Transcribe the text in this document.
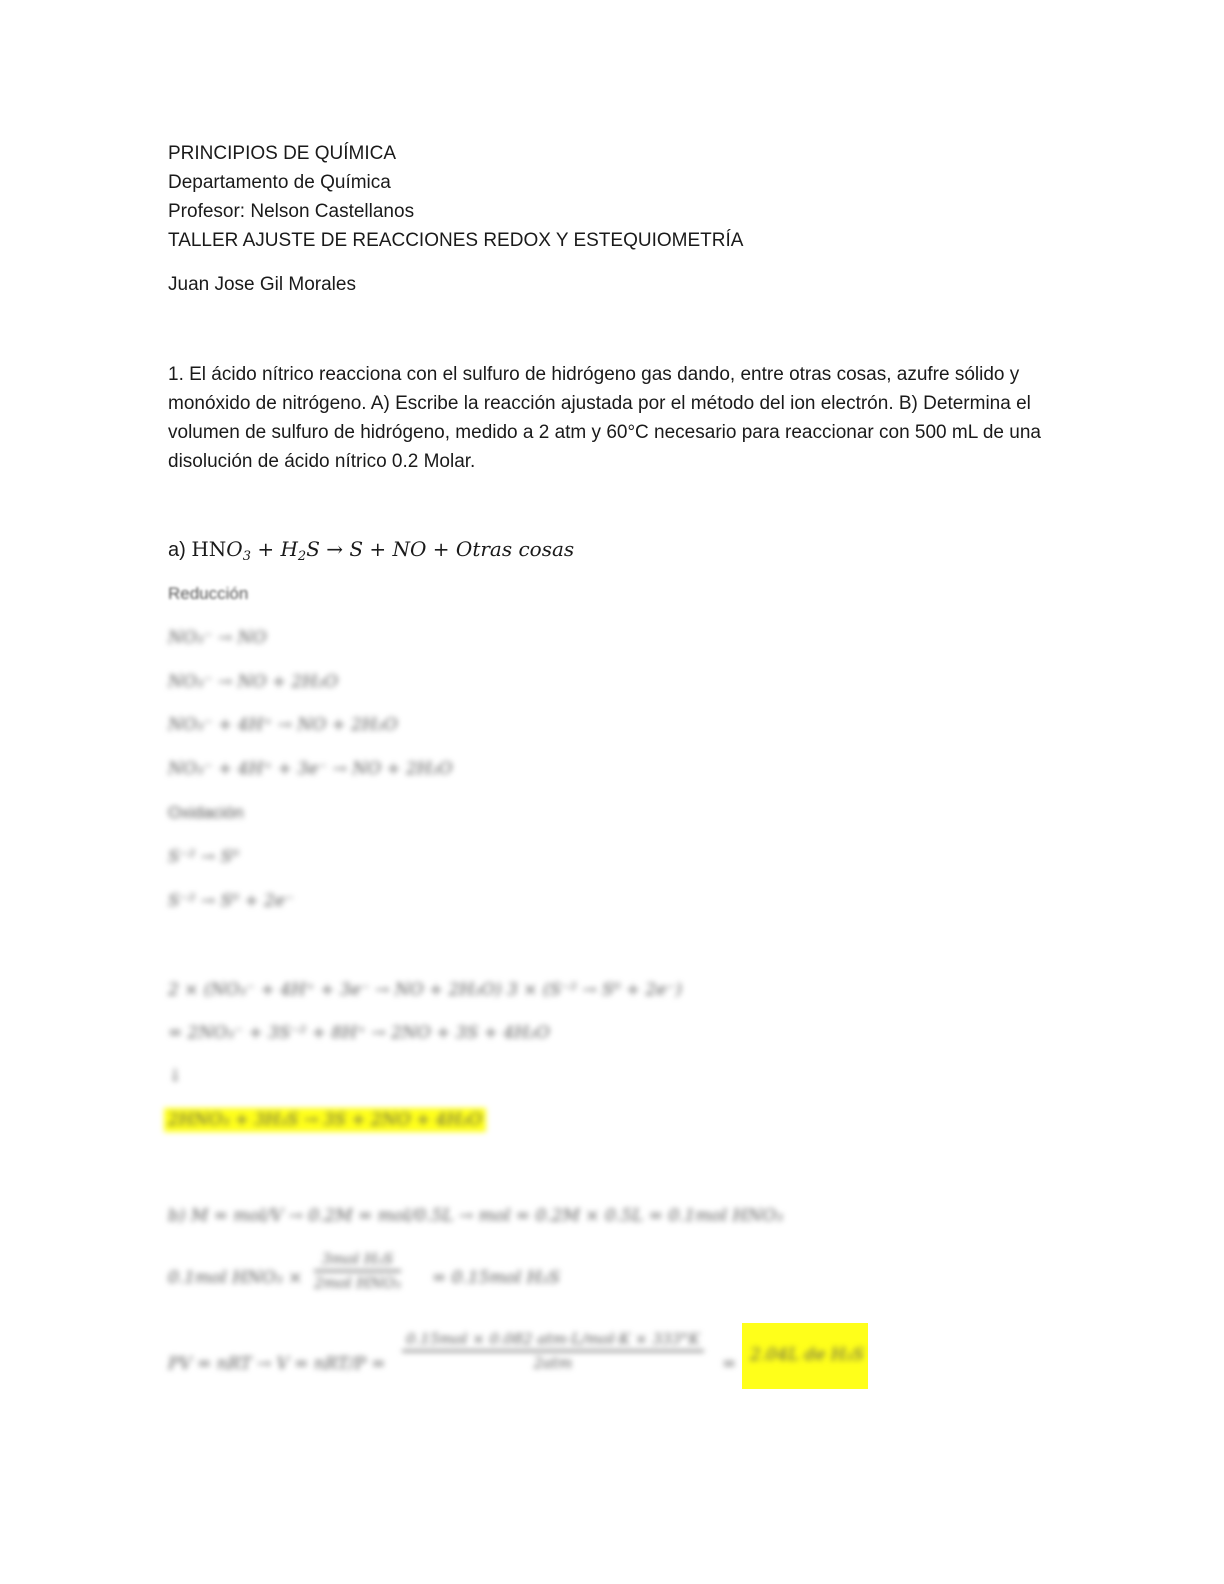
PRINCIPIOS DE QUÍMICA
Departamento de Química
Profesor: Nelson Castellanos
TALLER AJUSTE DE REACCIONES REDOX Y ESTEQUIOMETRÍA
Juan Jose Gil Morales

1. El ácido nítrico reacciona con el sulfuro de hidrógeno gas dando, entre otras cosas, azufre sólido y monóxido de nitrógeno. A) Escribe la reacción ajustada por el método del ion electrón. B) Determina el volumen de sulfuro de hidrógeno, medido a 2 atm y 60°C necesario para reaccionar con 500 mL de una disolución de ácido nítrico 0.2 Molar.

a) $HNO_3 + H_2S \to S$ + NO + Otras cosas
Reducción
NO₃⁻ → NO
NO₃⁻ → NO + 2H₂O
NO₃⁻ + 4H⁺ → NO + 2H₂O
NO₃⁻ + 4H⁺ + 3e⁻ → NO + 2H₂O
Oxidación
S⁻² → S⁰
S⁻² → S⁰ + 2e⁻
2 × (NO₃⁻ + 4H⁺ + 3e⁻ → NO + 2H₂O) 3 × (S⁻² → S⁰ + 2e⁻)
= 2NO₃⁻ + 3S⁻² + 8H⁺ → 2NO + 3S + 4H₂O
↓
2HNO₃ + 3H₂S → 3S + 2NO + 4H₂O
b) M = mol/V → 0.2M = mol/0.5L → mol = 0.2M × 0.5L = 0.1mol HNO₃
0.1mol HNO₃ ×
3mol H₂S
2mol HNO₃ = 0.15mol H₂S
PV = nRT → V = nRT/P =
0.15mol × 0.082 atm·L/mol·K × 333°K
2atm	= 2.04L de H₂S
